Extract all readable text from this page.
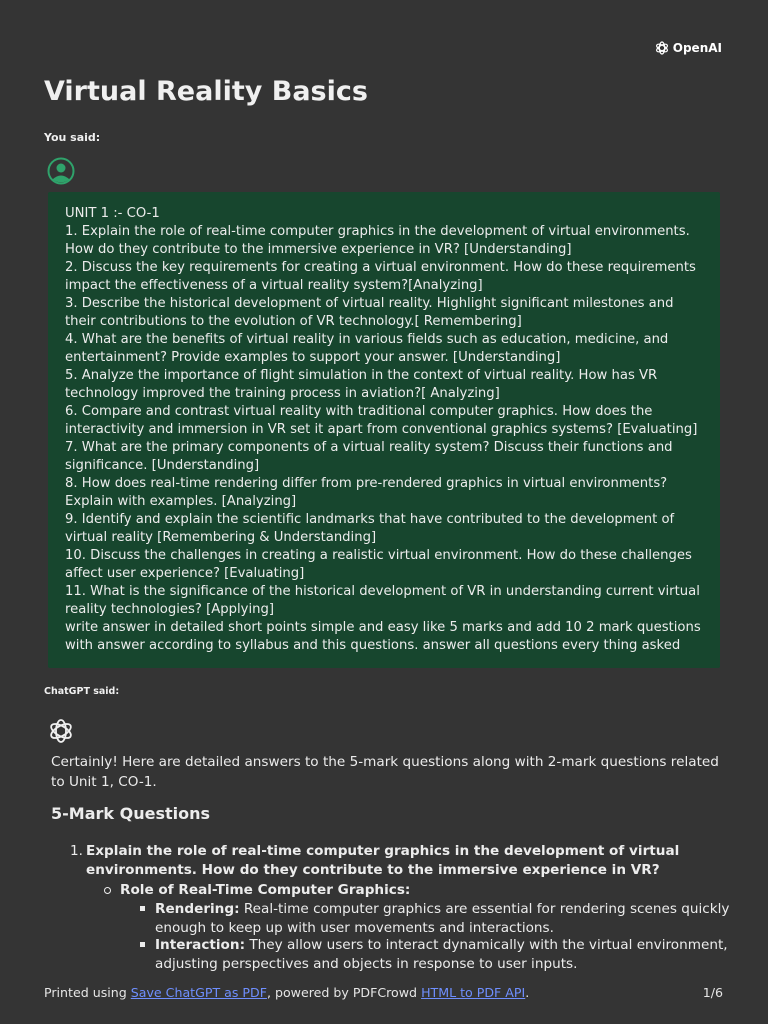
OpenAI
Virtual Reality Basics
You said:
UNIT 1 :- CO-1
1. Explain the role of real-time computer graphics in the development of virtual environments.
How do they contribute to the immersive experience in VR? [Understanding]
2. Discuss the key requirements for creating a virtual environment. How do these requirements
impact the effectiveness of a virtual reality system?[Analyzing]
3. Describe the historical development of virtual reality. Highlight significant milestones and
their contributions to the evolution of VR technology.[ Remembering]
4. What are the benefits of virtual reality in various fields such as education, medicine, and
entertainment? Provide examples to support your answer. [Understanding]
5. Analyze the importance of flight simulation in the context of virtual reality. How has VR
technology improved the training process in aviation?[ Analyzing]
6. Compare and contrast virtual reality with traditional computer graphics. How does the
interactivity and immersion in VR set it apart from conventional graphics systems? [Evaluating]
7. What are the primary components of a virtual reality system? Discuss their functions and
significance. [Understanding]
8. How does real-time rendering differ from pre-rendered graphics in virtual environments?
Explain with examples. [Analyzing]
9. Identify and explain the scientific landmarks that have contributed to the development of
virtual reality [Remembering & Understanding]
10. Discuss the challenges in creating a realistic virtual environment. How do these challenges
affect user experience? [Evaluating]
11. What is the significance of the historical development of VR in understanding current virtual
reality technologies? [Applying]
write answer in detailed short points simple and easy like 5 marks and add 10 2 mark questions
with answer according to syllabus and this questions. answer all questions every thing asked
ChatGPT said:

Certainly! Here are detailed answers to the 5-mark questions along with 2-mark questions related to Unit 1, CO-1.

5-Mark Questions
1. Explain the role of real-time computer graphics in the development of virtual
environments. How do they contribute to the immersive experience in VR?
Role of Real-Time Computer Graphics:
Rendering: Real-time computer graphics are essential for rendering scenes quickly
enough to keep up with user movements and interactions.
Interaction: They allow users to interact dynamically with the virtual environment,
adjusting perspectives and objects in response to user inputs.
Printed using Save ChatGPT as PDF, powered by PDFCrowd HTML to PDF API.	1/6
